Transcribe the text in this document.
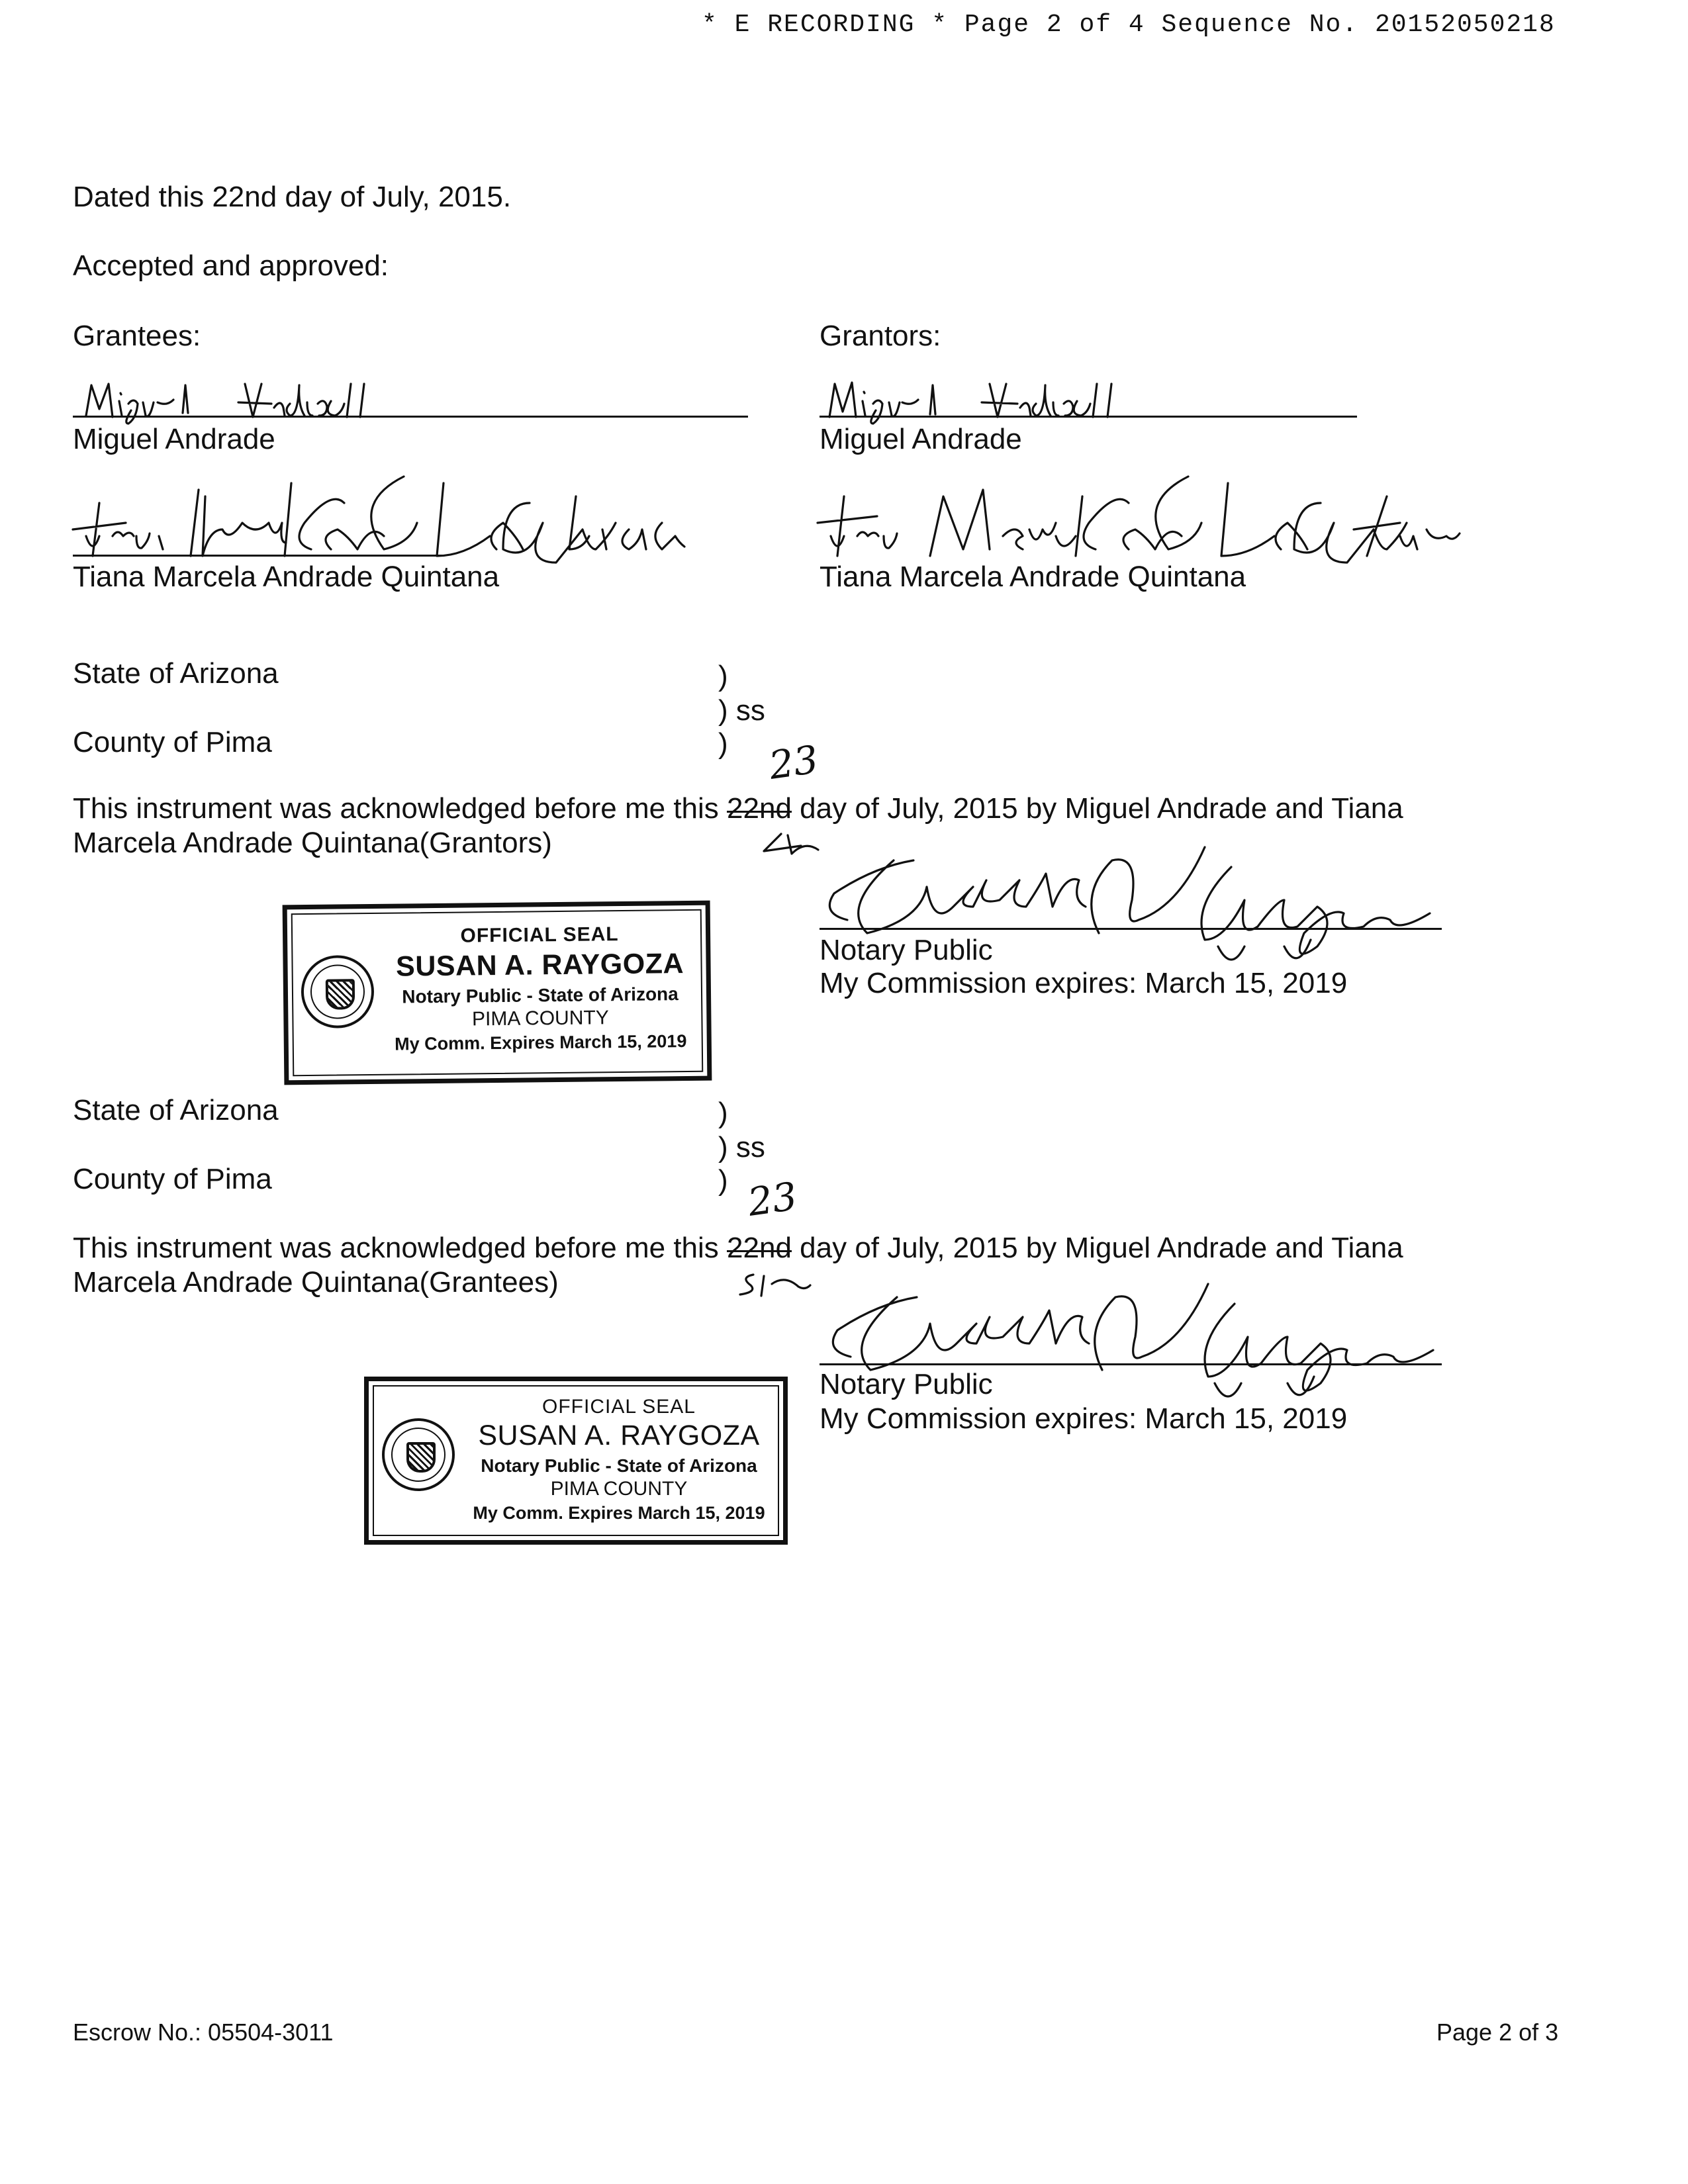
* E RECORDING * Page 2 of 4 Sequence No. 20152050218
Dated this 22nd day of July, 2015.
Accepted and approved:
Grantees:	Grantors:
Miguel Andrade	Miguel Andrade
Tiana Marcela Andrade Quintana	Tiana Marcela Andrade Quintana
State of Arizona	)
) ss
County of Pima	) 23
This instrument was acknowledged before me this 22nd day of July, 2015 by Miguel Andrade and Tiana
Marcela Andrade Quintana(Grantors)
Notary Public
My Commission expires: March 15, 2019
OFFICIAL SEAL
SUSAN A. RAYGOZA
Notary Public - State of Arizona
PIMA COUNTY
My Comm. Expires March 15, 2019
State of Arizona	)
) ss
County of Pima	) 23
This instrument was acknowledged before me this 22nd day of July, 2015 by Miguel Andrade and Tiana
Marcela Andrade Quintana(Grantees)
Notary Public
My Commission expires: March 15, 2019
OFFICIAL SEAL
SUSAN A. RAYGOZA
Notary Public - State of Arizona
PIMA COUNTY
My Comm. Expires March 15, 2019
Escrow No.: 05504-3011	Page 2 of 3
